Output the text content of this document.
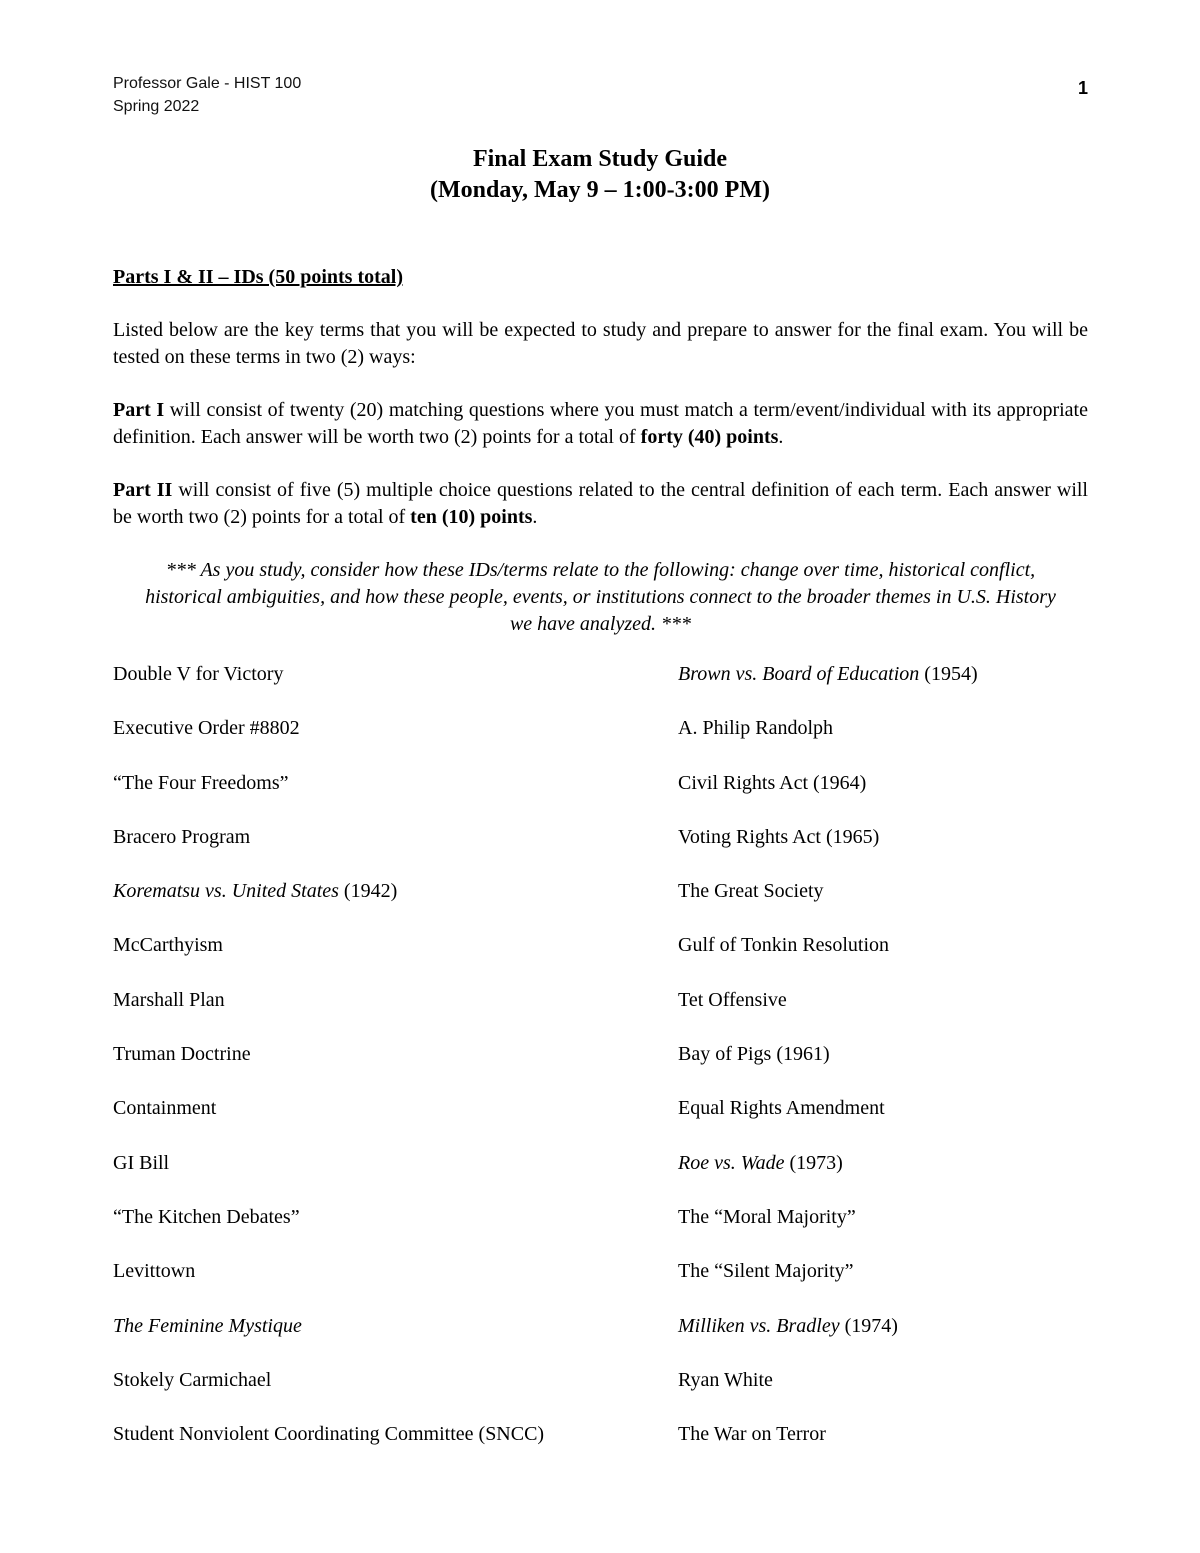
Professor Gale - HIST 100
Spring 2022
1
Final Exam Study Guide
(Monday, May 9 – 1:00-3:00 PM)
Parts I & II – IDs (50 points total)

Listed below are the key terms that you will be expected to study and prepare to answer for the final exam. You will be tested on these terms in two (2) ways:

Part I will consist of twenty (20) matching questions where you must match a term/event/individual with its appropriate definition. Each answer will be worth two (2) points for a total of forty (40) points.

Part II will consist of five (5) multiple choice questions related to the central definition of each term. Each answer will be worth two (2) points for a total of ten (10) points.

*** As you study, consider how these IDs/terms relate to the following: change over time, historical conflict, historical ambiguities, and how these people, events, or institutions connect to the broader themes in U.S. History we have analyzed. ***

Double V for Victory	Brown vs. Board of Education (1954)
Executive Order #8802	A. Philip Randolph
“The Four Freedoms”	Civil Rights Act (1964)
Bracero Program	Voting Rights Act (1965)
Korematsu vs. United States (1942)	The Great Society
McCarthyism	Gulf of Tonkin Resolution
Marshall Plan	Tet Offensive
Truman Doctrine	Bay of Pigs (1961)
Containment	Equal Rights Amendment
GI Bill	Roe vs. Wade (1973)
“The Kitchen Debates”	The “Moral Majority”
Levittown	The “Silent Majority”
The Feminine Mystique	Milliken vs. Bradley (1974)
Stokely Carmichael	Ryan White
Student Nonviolent Coordinating Committee (SNCC)	The War on Terror
